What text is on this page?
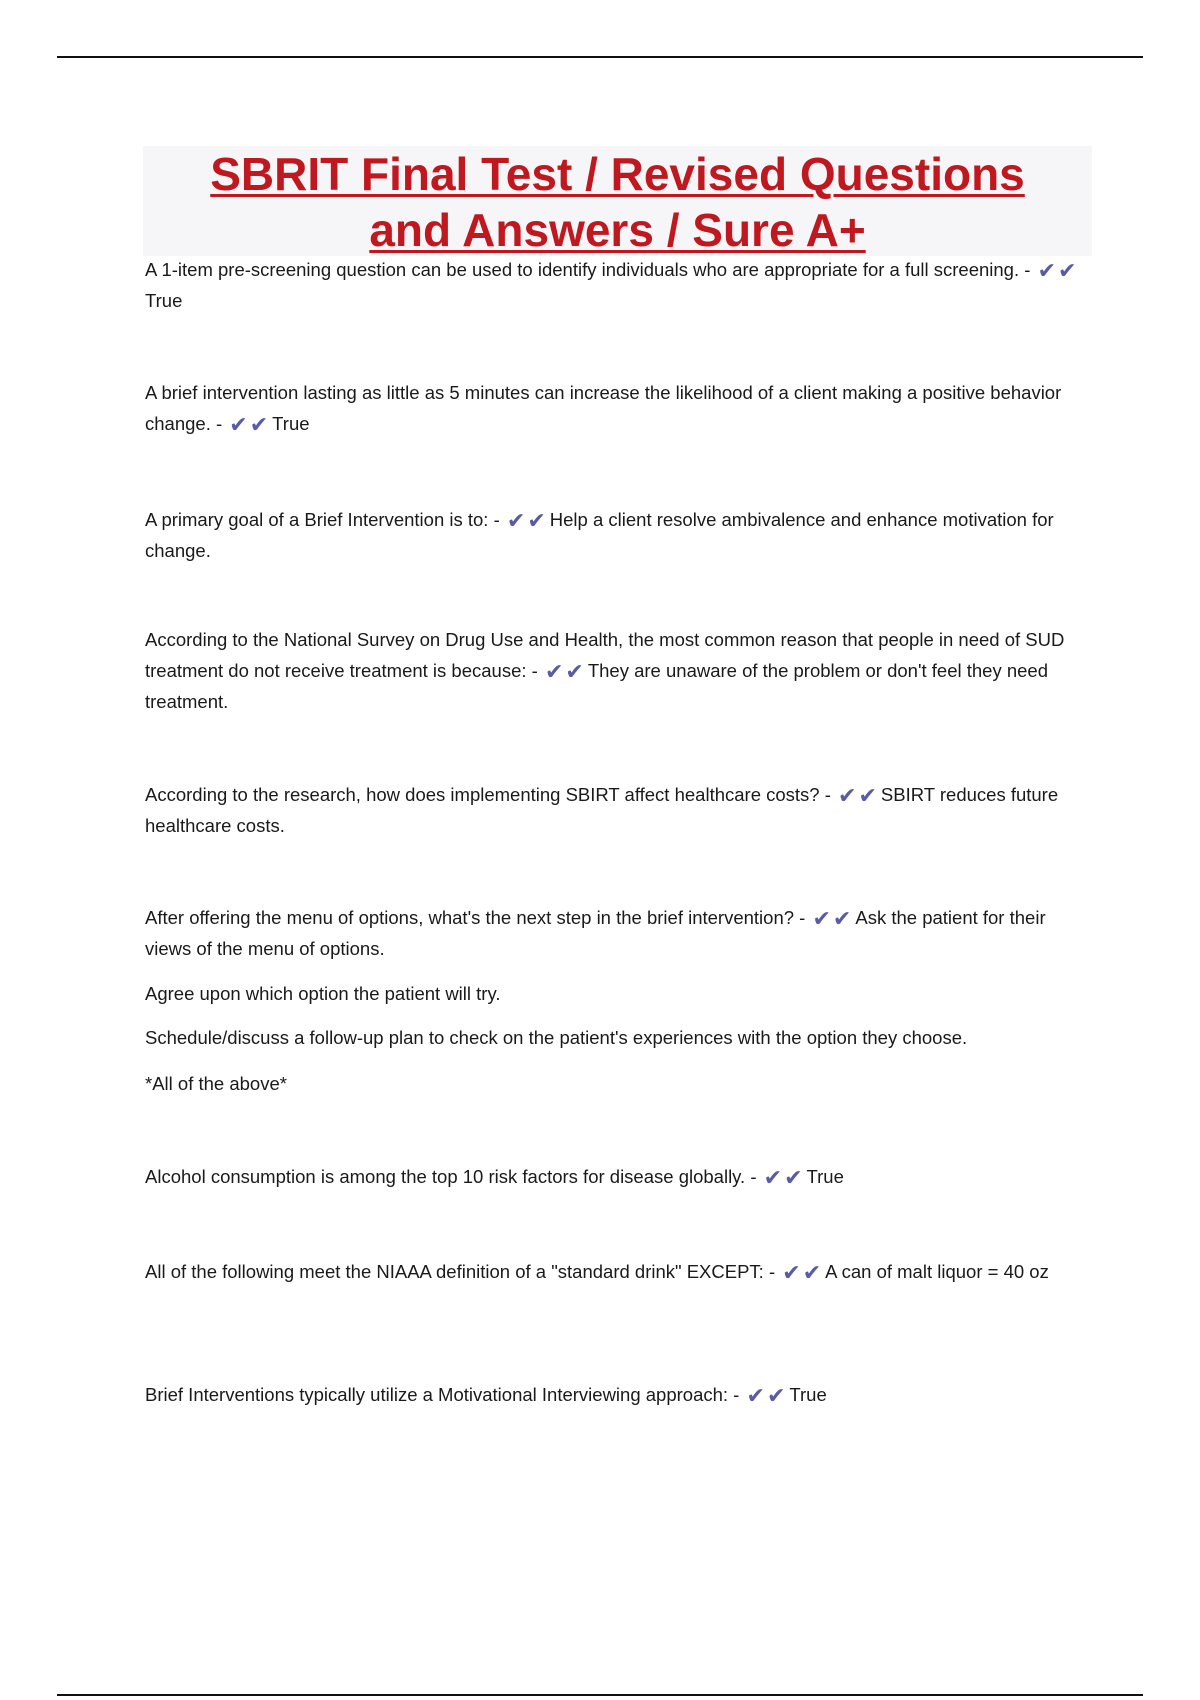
SBRIT Final Test / Revised Questions
and Answers / Sure A+

A 1-item pre-screening question can be used to identify individuals who are appropriate for a full screening. - ✔✔True

A brief intervention lasting as little as 5 minutes can increase the likelihood of a client making a positive behavior change. - ✔✔ True

A primary goal of a Brief Intervention is to: - ✔✔ Help a client resolve ambivalence and enhance motivation for change.

According to the National Survey on Drug Use and Health, the most common reason that people in need of SUD treatment do not receive treatment is because: - ✔✔ They are unaware of the problem or don't feel they need treatment.

According to the research, how does implementing SBIRT affect healthcare costs? - ✔✔ SBIRT reduces future healthcare costs.

After offering the menu of options, what's the next step in the brief intervention? - ✔✔ Ask the patient for their views of the menu of options.

Agree upon which option the patient will try.

Schedule/discuss a follow-up plan to check on the patient's experiences with the option they choose.

*All of the above*

Alcohol consumption is among the top 10 risk factors for disease globally. - ✔✔ True

All of the following meet the NIAAA definition of a "standard drink" EXCEPT: - ✔✔ A can of malt liquor = 40 oz

Brief Interventions typically utilize a Motivational Interviewing approach: - ✔✔ True
